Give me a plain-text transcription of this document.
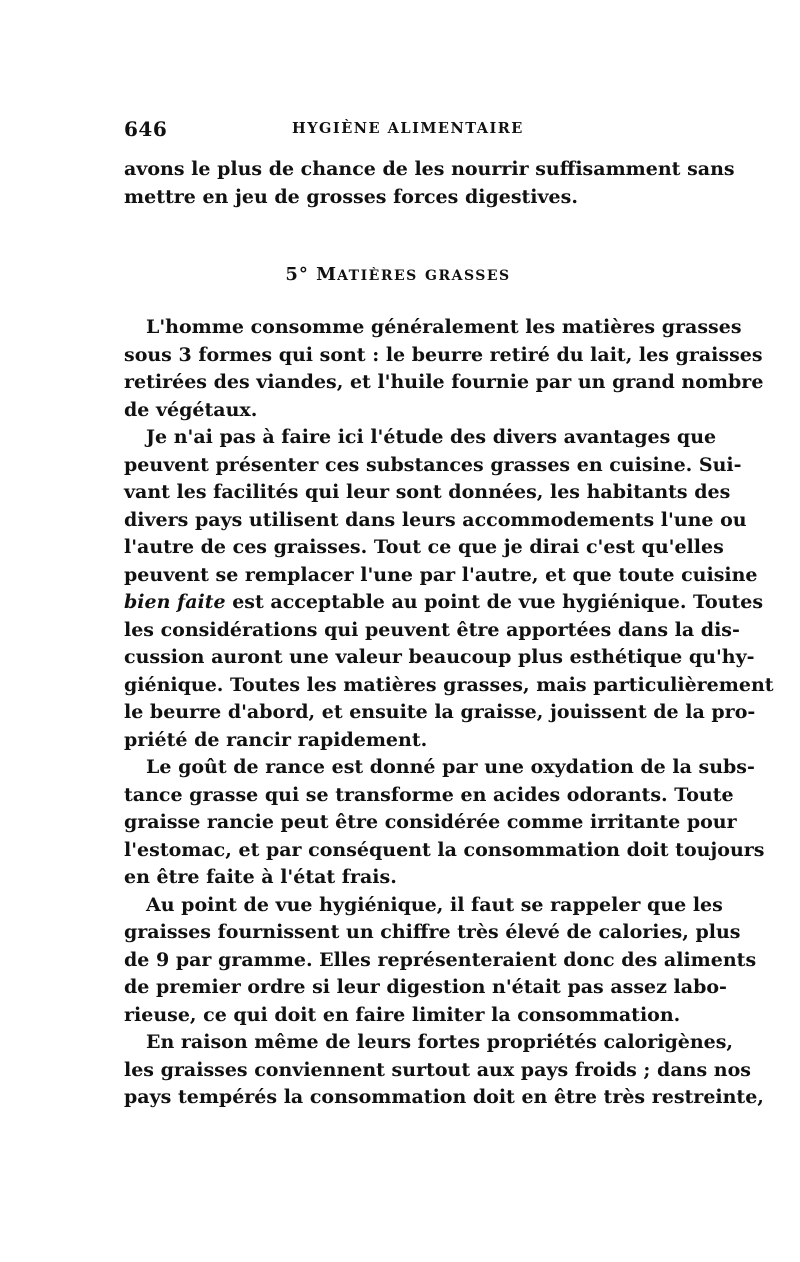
646	HYGIÈNE ALIMENTAIRE
avons le plus de chance de les nourrir suffisamment sans
mettre en jeu de grosses forces digestives.
5° MATIÈRES GRASSES
L'homme consomme généralement les matières grasses
sous 3 formes qui sont : le beurre retiré du lait, les graisses
retirées des viandes, et l'huile fournie par un grand nombre
de végétaux.
Je n'ai pas à faire ici l'étude des divers avantages que
peuvent présenter ces substances grasses en cuisine. Sui-
vant les facilités qui leur sont données, les habitants des
divers pays utilisent dans leurs accommodements l'une ou
l'autre de ces graisses. Tout ce que je dirai c'est qu'elles
peuvent se remplacer l'une par l'autre, et que toute cuisine
bien faite est acceptable au point de vue hygiénique. Toutes
les considérations qui peuvent être apportées dans la dis-
cussion auront une valeur beaucoup plus esthétique qu'hy-
giénique. Toutes les matières grasses, mais particulièrement
le beurre d'abord, et ensuite la graisse, jouissent de la pro-
priété de rancir rapidement.
Le goût de rance est donné par une oxydation de la subs-
tance grasse qui se transforme en acides odorants. Toute
graisse rancie peut être considérée comme irritante pour
l'estomac, et par conséquent la consommation doit toujours
en être faite à l'état frais.
Au point de vue hygiénique, il faut se rappeler que les
graisses fournissent un chiffre très élevé de calories, plus
de 9 par gramme. Elles représenteraient donc des aliments
de premier ordre si leur digestion n'était pas assez labo-
rieuse, ce qui doit en faire limiter la consommation.
En raison même de leurs fortes propriétés calorigènes,
les graisses conviennent surtout aux pays froids ; dans nos
pays tempérés la consommation doit en être très restreinte,
